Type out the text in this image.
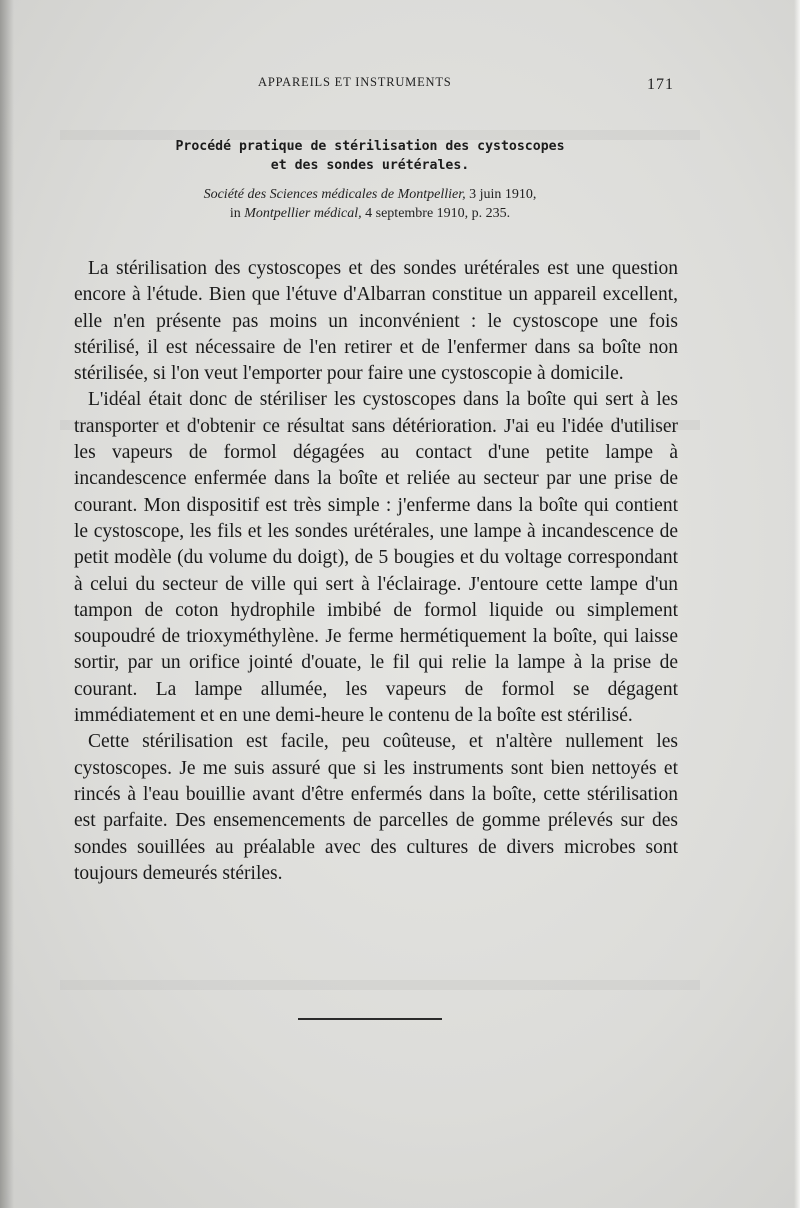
APPAREILS ET INSTRUMENTS	171
Procédé pratique de stérilisation des cystoscopes
et des sondes urétérales.
Société des Sciences médicales de Montpellier, 3 juin 1910,
in Montpellier médical, 4 septembre 1910, p. 235.

La stérilisation des cystoscopes et des sondes urétérales est une question encore à l'étude. Bien que l'étuve d'Albarran constitue un appareil excellent, elle n'en présente pas moins un inconvénient : le cystoscope une fois stérilisé, il est nécessaire de l'en retirer et de l'enfermer dans sa boîte non stérilisée, si l'on veut l'emporter pour faire une cystoscopie à domicile.

L'idéal était donc de stériliser les cystoscopes dans la boîte qui sert à les transporter et d'obtenir ce résultat sans détérioration. J'ai eu l'idée d'utiliser les vapeurs de formol dégagées au contact d'une petite lampe à incandescence enfermée dans la boîte et reliée au secteur par une prise de courant. Mon dispositif est très simple : j'enferme dans la boîte qui contient le cystoscope, les fils et les sondes urétérales, une lampe à incandescence de petit modèle (du volume du doigt), de 5 bougies et du voltage correspondant à celui du secteur de ville qui sert à l'éclairage. J'entoure cette lampe d'un tampon de coton hydrophile imbibé de formol liquide ou simplement soupoudré de trioxyméthylène. Je ferme hermétiquement la boîte, qui laisse sortir, par un orifice jointé d'ouate, le fil qui relie la lampe à la prise de courant. La lampe allumée, les vapeurs de formol se dégagent immédiatement et en une demi-heure le contenu de la boîte est stérilisé.

Cette stérilisation est facile, peu coûteuse, et n'altère nullement les cystoscopes. Je me suis assuré que si les instruments sont bien nettoyés et rincés à l'eau bouillie avant d'être enfermés dans la boîte, cette stérilisation est parfaite. Des ensemencements de parcelles de gomme prélevés sur des sondes souillées au préalable avec des cultures de divers microbes sont toujours demeurés stériles.
